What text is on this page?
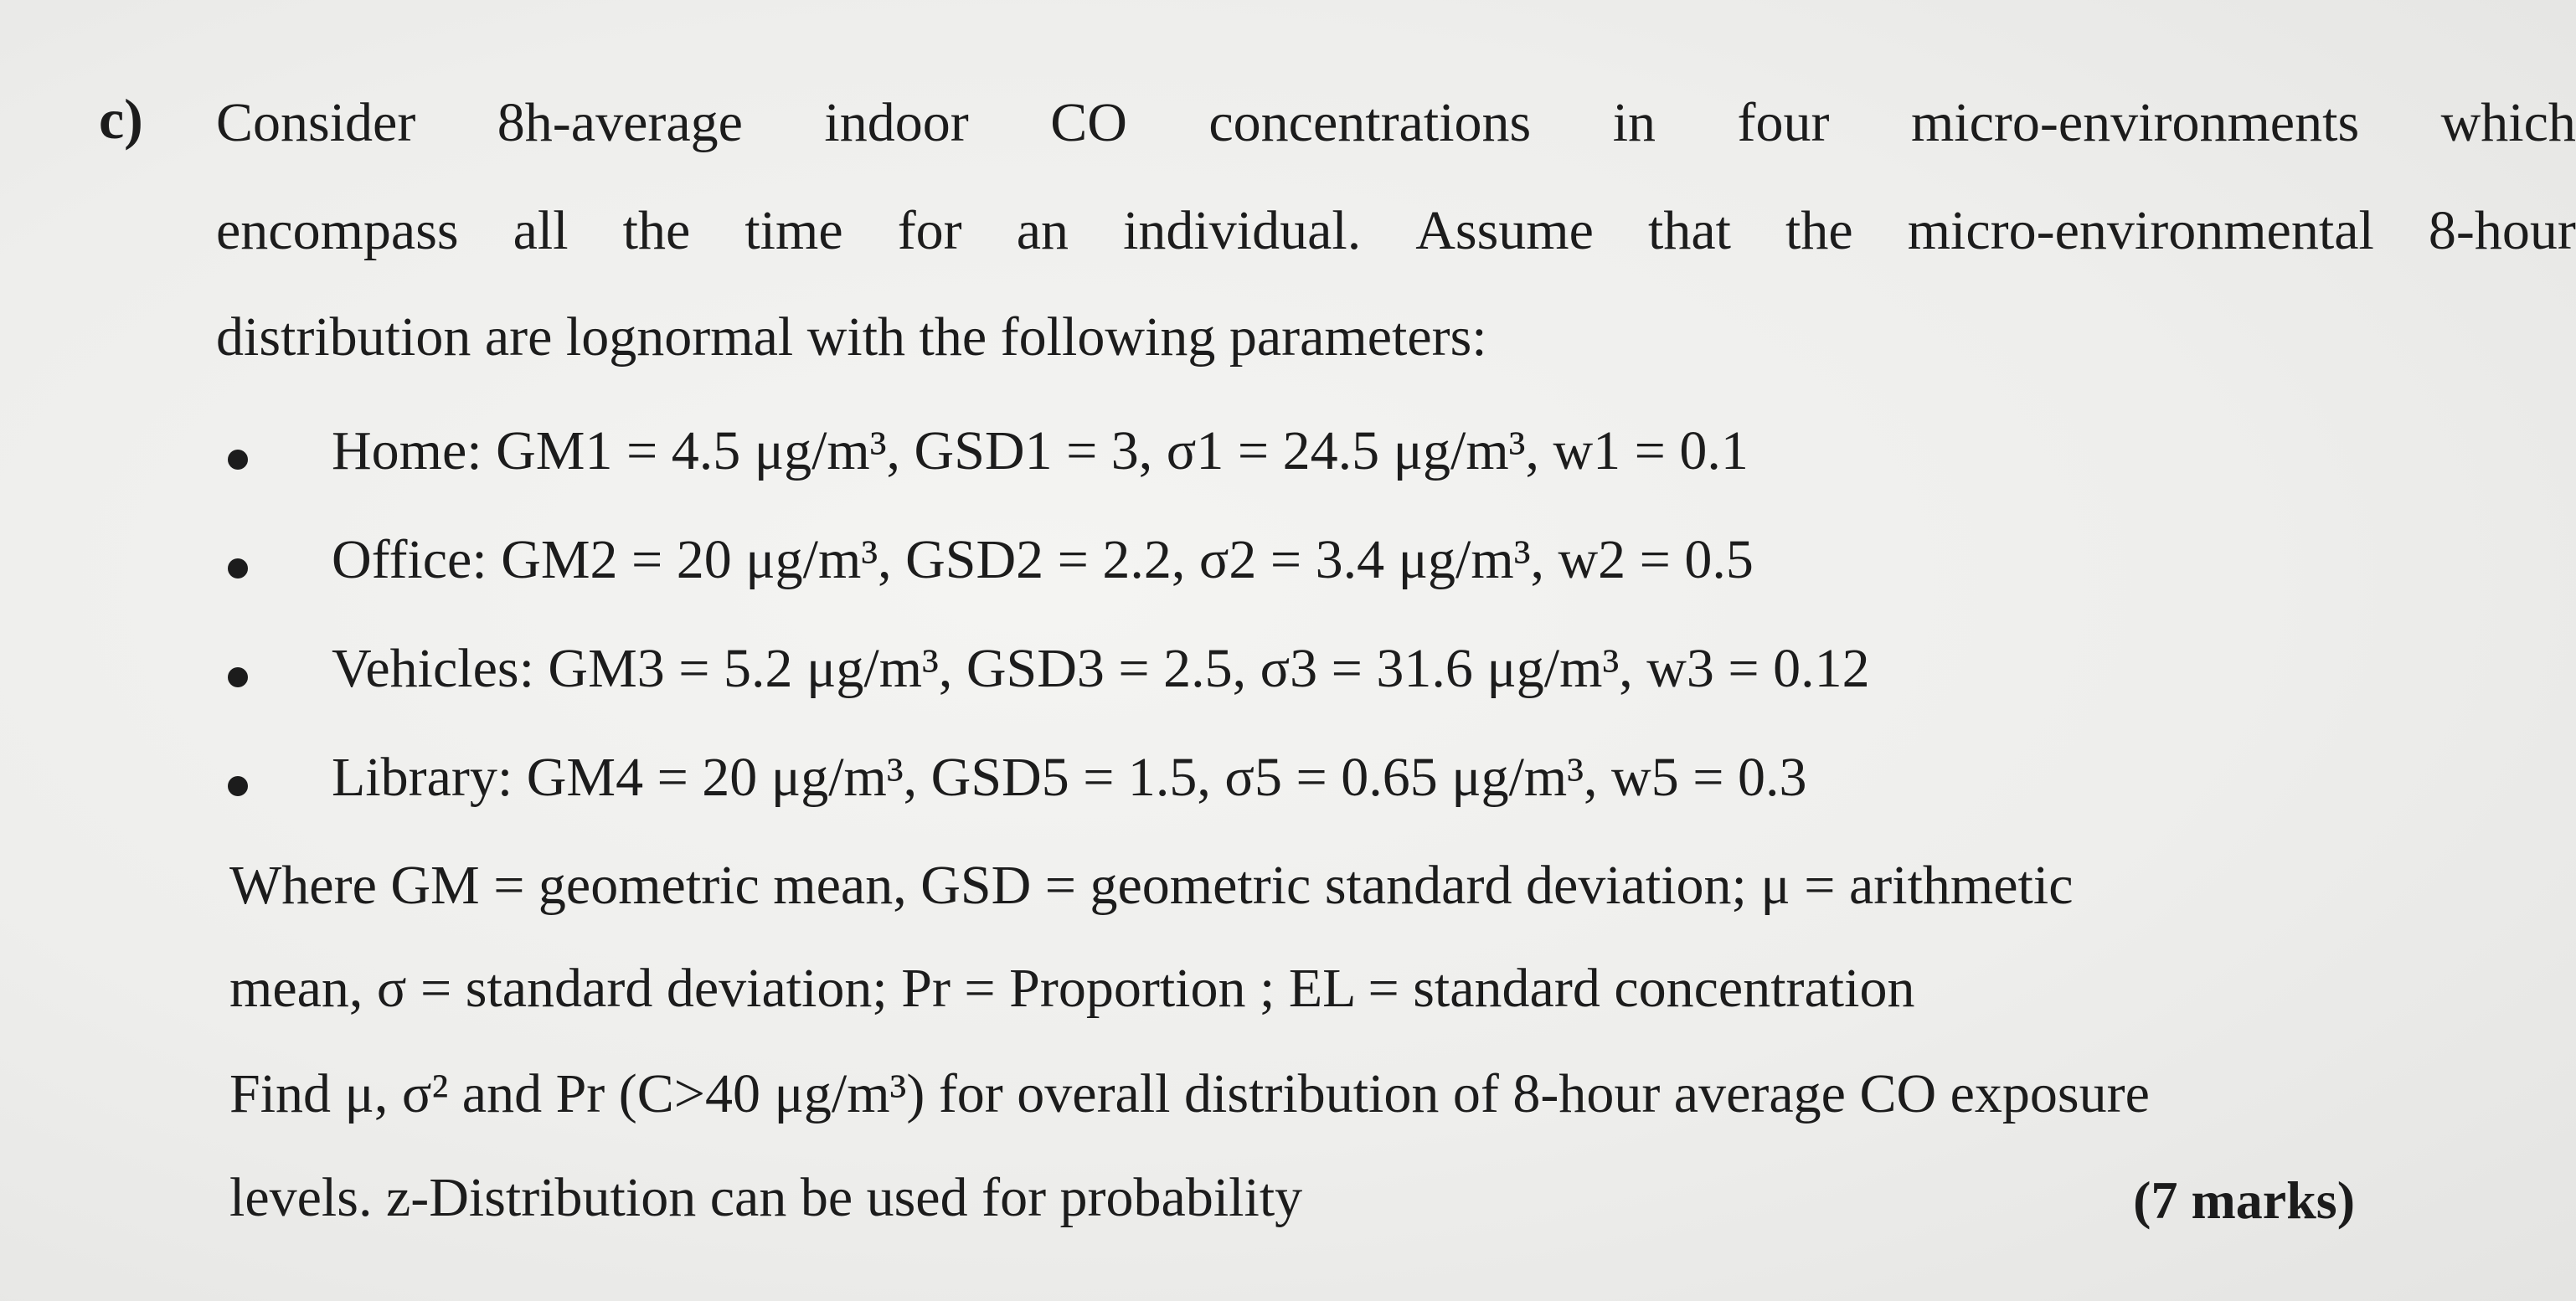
c) Consider 8h-average indoor CO concentrations in four micro-environments which
encompass all the time for an individual. Assume that the micro-environmental 8-hour
distribution are lognormal with the following parameters:
Home: GM1 = 4.5 μg/m³, GSD1 = 3, σ1 = 24.5 μg/m³, w1 = 0.1
Office: GM2 = 20 μg/m³, GSD2 = 2.2, σ2 = 3.4 μg/m³, w2 = 0.5
Vehicles: GM3 = 5.2 μg/m³, GSD3 = 2.5, σ3 = 31.6 μg/m³, w3 = 0.12
Library: GM4 = 20 μg/m³, GSD5 = 1.5, σ5 = 0.65 μg/m³, w5 = 0.3
Where GM = geometric mean, GSD = geometric standard deviation; μ = arithmetic
mean, σ = standard deviation; Pr = Proportion ; EL = standard concentration
Find μ, σ² and Pr (C>40 μg/m³) for overall distribution of 8-hour average CO exposure
levels. z-Distribution can be used for probability	(7 marks)
